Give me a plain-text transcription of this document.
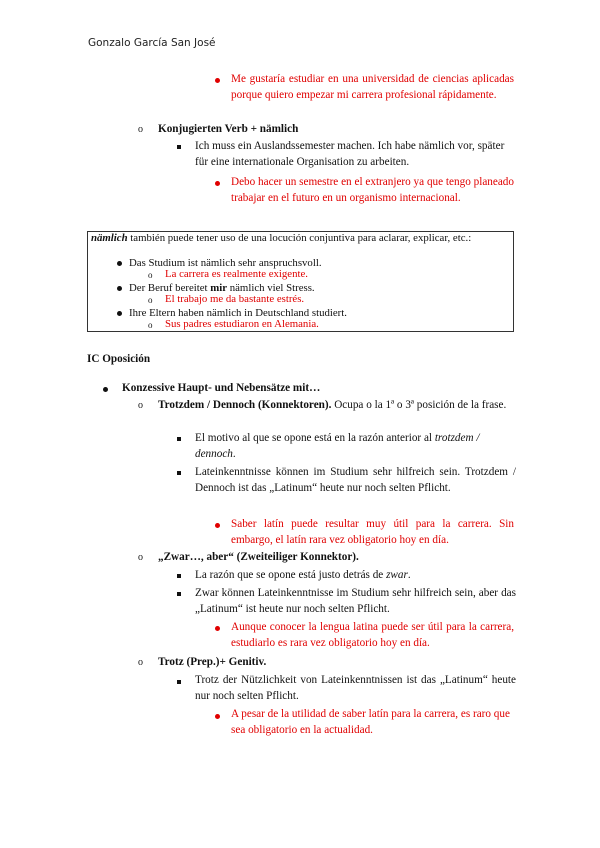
Gonzalo García San José
Me gustaría estudiar en una universidad de ciencias aplicadas porque quiero empezar mi carrera profesional rápidamente.
o Konjugierten Verb + nämlich
Ich muss ein Auslandssemester machen. Ich habe nämlich vor, später für eine internationale Organisation zu arbeiten.
Debo hacer un semestre en el extranjero ya que tengo planeado trabajar en el futuro en un organismo internacional.
nämlich también puede tener uso de una locución conjuntiva para aclarar, explicar, etc.:
Das Studium ist nämlich sehr anspruchsvoll.
o La carrera es realmente exigente.
Der Beruf bereitet mir nämlich viel Stress.
o El trabajo me da bastante estrés.
Ihre Eltern haben nämlich in Deutschland studiert.
o Sus padres estudiaron en Alemania.
IC Oposición
Konzessive Haupt- und Nebensätze mit…
o Trotzdem / Dennoch (Konnektoren). Ocupa o la 1ª o 3ª posición de la frase.
El motivo al que se opone está en la razón anterior al trotzdem / dennoch.
Lateinkenntnisse können im Studium sehr hilfreich sein. Trotzdem / Dennoch ist das „Latinum“ heute nur noch selten Pflicht.
Saber latín puede resultar muy útil para la carrera. Sin embargo, el latín rara vez obligatorio hoy en día.
o „Zwar…, aber“ (Zweiteiliger Konnektor).
La razón que se opone está justo detrás de zwar.
Zwar können Lateinkenntnisse im Studium sehr hilfreich sein, aber das „Latinum“ ist heute nur noch selten Pflicht.
Aunque conocer la lengua latina puede ser útil para la carrera, estudiarlo es rara vez obligatorio hoy en día.
o Trotz (Prep.)+ Genitiv.
Trotz der Nützlichkeit von Lateinkenntnissen ist das „Latinum“ heute nur noch selten Pflicht.
A pesar de la utilidad de saber latín para la carrera, es raro que sea obligatorio en la actualidad.
